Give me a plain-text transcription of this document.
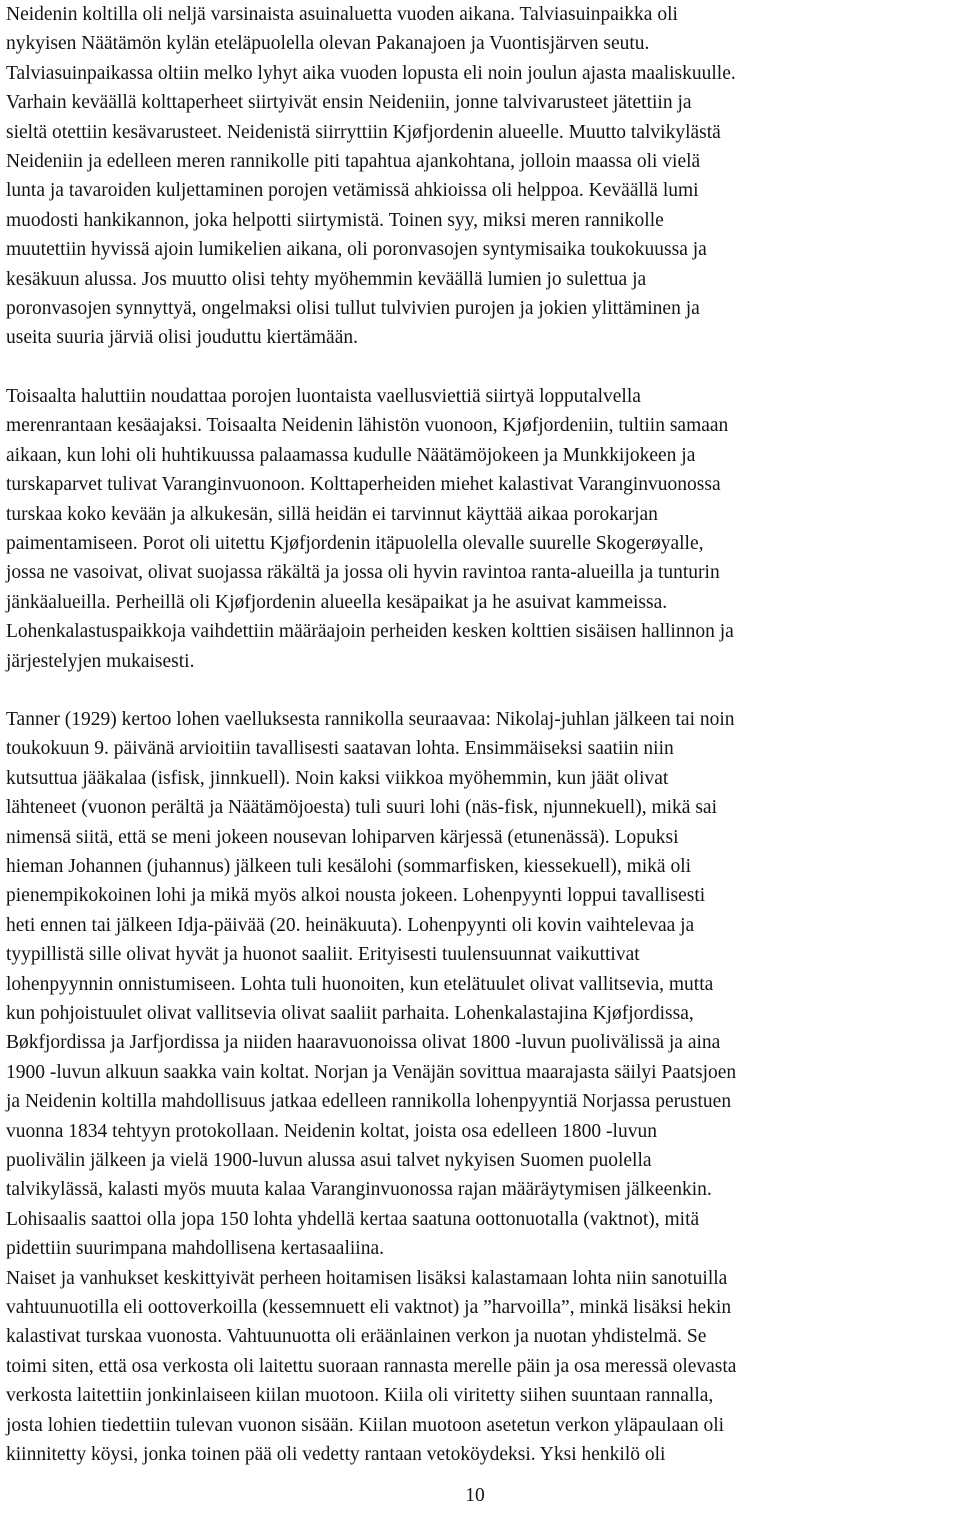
Neidenin koltilla oli neljä varsinaista asuinaluetta vuoden aikana. Talviasuinpaikka oli
nykyisen Näätämön kylän eteläpuolella olevan Pakanajoen ja Vuontisjärven seutu.
Talviasuinpaikassa oltiin melko lyhyt aika vuoden lopusta eli noin joulun ajasta maaliskuulle.
Varhain keväällä kolttaperheet siirtyivät ensin Neideniin, jonne talvivarusteet jätettiin ja
sieltä otettiin kesävarusteet. Neidenistä siirryttiin Kjøfjordenin alueelle. Muutto talvikylästä
Neideniin ja edelleen meren rannikolle piti tapahtua ajankohtana, jolloin maassa oli vielä
lunta ja tavaroiden kuljettaminen porojen vetämissä ahkioissa oli helppoa. Keväällä lumi
muodosti hankikannon, joka helpotti siirtymistä. Toinen syy, miksi meren rannikolle
muutettiin hyvissä ajoin lumikelien aikana, oli poronvasojen syntymisaika toukokuussa ja
kesäkuun alussa. Jos muutto olisi tehty myöhemmin keväällä lumien jo sulettua ja
poronvasojen synnyttyä, ongelmaksi olisi tullut tulvivien purojen ja jokien ylittäminen ja
useita suuria järviä olisi jouduttu kiertämään.
Toisaalta haluttiin noudattaa porojen luontaista vaellusviettiä siirtyä lopputalvella
merenrantaan kesäajaksi. Toisaalta Neidenin lähistön vuonoon, Kjøfjordeniin, tultiin samaan
aikaan, kun lohi oli huhtikuussa palaamassa kudulle Näätämöjokeen ja Munkkijokeen ja
turskaparvet tulivat Varanginvuonoon. Kolttaperheiden miehet kalastivat Varanginvuonossa
turskaa koko kevään ja alkukesän, sillä heidän ei tarvinnut käyttää aikaa porokarjan
paimentamiseen. Porot oli uitettu Kjøfjordenin itäpuolella olevalle suurelle Skogerøyalle,
jossa ne vasoivat, olivat suojassa räkältä ja jossa oli hyvin ravintoa ranta-alueilla ja tunturin
jänkäalueilla. Perheillä oli Kjøfjordenin alueella kesäpaikat ja he asuivat kammeissa.
Lohenkalastuspaikkoja vaihdettiin määräajoin perheiden kesken kolttien sisäisen hallinnon ja
järjestelyjen mukaisesti.
Tanner (1929) kertoo lohen vaelluksesta rannikolla seuraavaa: Nikolaj-juhlan jälkeen tai noin
toukokuun 9. päivänä arvioitiin tavallisesti saatavan lohta. Ensimmäiseksi saatiin niin
kutsuttua jääkalaa (isfisk, jinnkuell). Noin kaksi viikkoa myöhemmin, kun jäät olivat
lähteneet (vuonon perältä ja Näätämöjoesta) tuli suuri lohi (näs-fisk, njunnekuell), mikä sai
nimensä siitä, että se meni jokeen nousevan lohiparven kärjessä (etunenässä). Lopuksi
hieman Johannen (juhannus) jälkeen tuli kesälohi (sommarfisken, kiessekuell), mikä oli
pienempikokoinen lohi ja mikä myös alkoi nousta jokeen. Lohenpyynti loppui tavallisesti
heti ennen tai jälkeen Idja-päivää (20. heinäkuuta). Lohenpyynti oli kovin vaihtelevaa ja
tyypillistä sille olivat hyvät ja huonot saaliit. Erityisesti tuulensuunnat vaikuttivat
lohenpyynnin onnistumiseen. Lohta tuli huonoiten, kun etelätuulet olivat vallitsevia, mutta
kun pohjoistuulet olivat vallitsevia olivat saaliit parhaita. Lohenkalastajina Kjøfjordissa,
Bøkfjordissa ja Jarfjordissa ja niiden haaravuonoissa olivat 1800 -luvun puolivälissä ja aina
1900 -luvun alkuun saakka vain koltat. Norjan ja Venäjän sovittua maarajasta säilyi Paatsjoen
ja Neidenin koltilla mahdollisuus jatkaa edelleen rannikolla lohenpyyntiä Norjassa perustuen
vuonna 1834 tehtyyn protokollaan. Neidenin koltat, joista osa edelleen 1800 -luvun
puolivälin jälkeen ja vielä 1900-luvun alussa asui talvet nykyisen Suomen puolella
talvikylässä, kalasti myös muuta kalaa Varanginvuonossa rajan määräytymisen jälkeenkin.
Lohisaalis saattoi olla jopa 150 lohta yhdellä kertaa saatuna oottonuotalla (vaktnot), mitä
pidettiin suurimpana mahdollisena kertasaaliina.
Naiset ja vanhukset keskittyivät perheen hoitamisen lisäksi kalastamaan lohta niin sanotuilla
vahtuunuotilla eli oottoverkoilla (kessemnuett eli vaktnot) ja ”harvoilla”, minkä lisäksi hekin
kalastivat turskaa vuonosta. Vahtuunuotta oli eräänlainen verkon ja nuotan yhdistelmä. Se
toimi siten, että osa verkosta oli laitettu suoraan rannasta merelle päin ja osa meressä olevasta
verkosta laitettiin jonkinlaiseen kiilan muotoon. Kiila oli viritetty siihen suuntaan rannalla,
josta lohien tiedettiin tulevan vuonon sisään. Kiilan muotoon asetetun verkon yläpaulaan oli
kiinnitetty köysi, jonka toinen pää oli vedetty rantaan vetoköydeksi. Yksi henkilö oli
10
